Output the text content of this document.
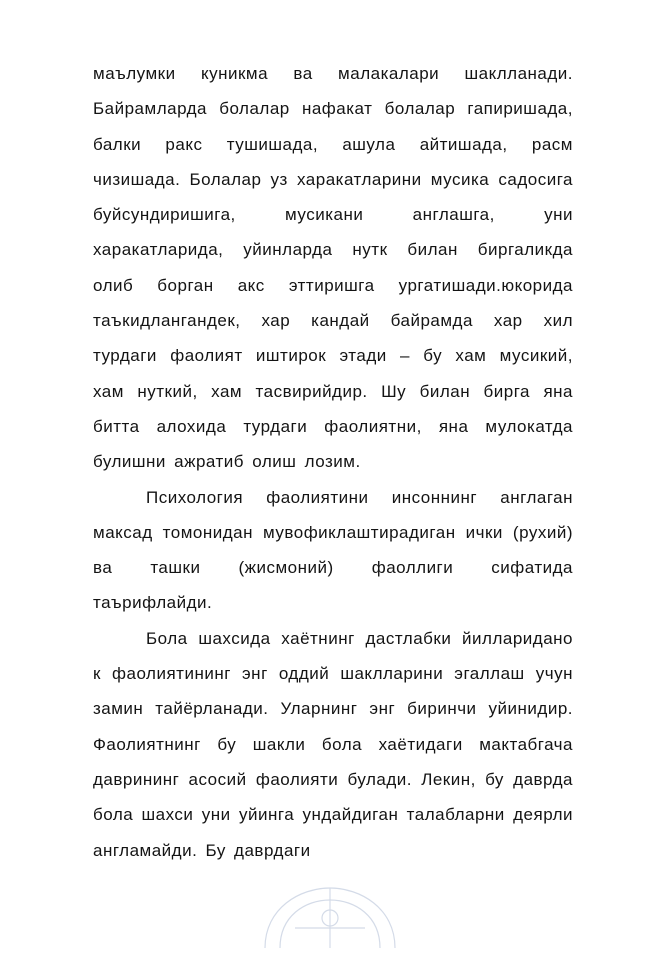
маълумки куникма ва малакалари шаклланади. Байрамларда болалар нафакат болалар гапиришада, балки ракс тушишада, ашула айтишада, расм чизишада. Болалар уз харакатларини мусика садосига буйсундиришига, мусикани англашга, уни харакатларида, уйинларда нутк билан биргаликда олиб борган акс эттиришга ургатишади.юкорида таъкидлангандек, хар кандай байрамда хар хил турдаги фаолият иштирок этади – бу хам мусикий, хам нуткий, хам тасвирийдир. Шу билан бирга яна битта алохида турдаги фаолиятни, яна мулокатда булишни ажратиб олиш лозим.

Психология фаолиятини инсоннинг англаган максад томонидан мувофиклаштирадиган ички (рухий) ва ташки (жисмоний) фаоллиги сифатида таърифлайди.

Бола шахсида хаётнинг дастлабки йилларидано к фаолиятининг энг оддий шаклларини эгаллаш учун замин тайёрланади. Уларнинг энг биринчи уйинидир. Фаолиятнинг бу шакли бола хаётидаги мактабгача даврининг асосий фаолияти булади. Лекин, бу даврда бола шахси уни уйинга ундайдиган талабларни деярли англамайди. Бу даврдаги
